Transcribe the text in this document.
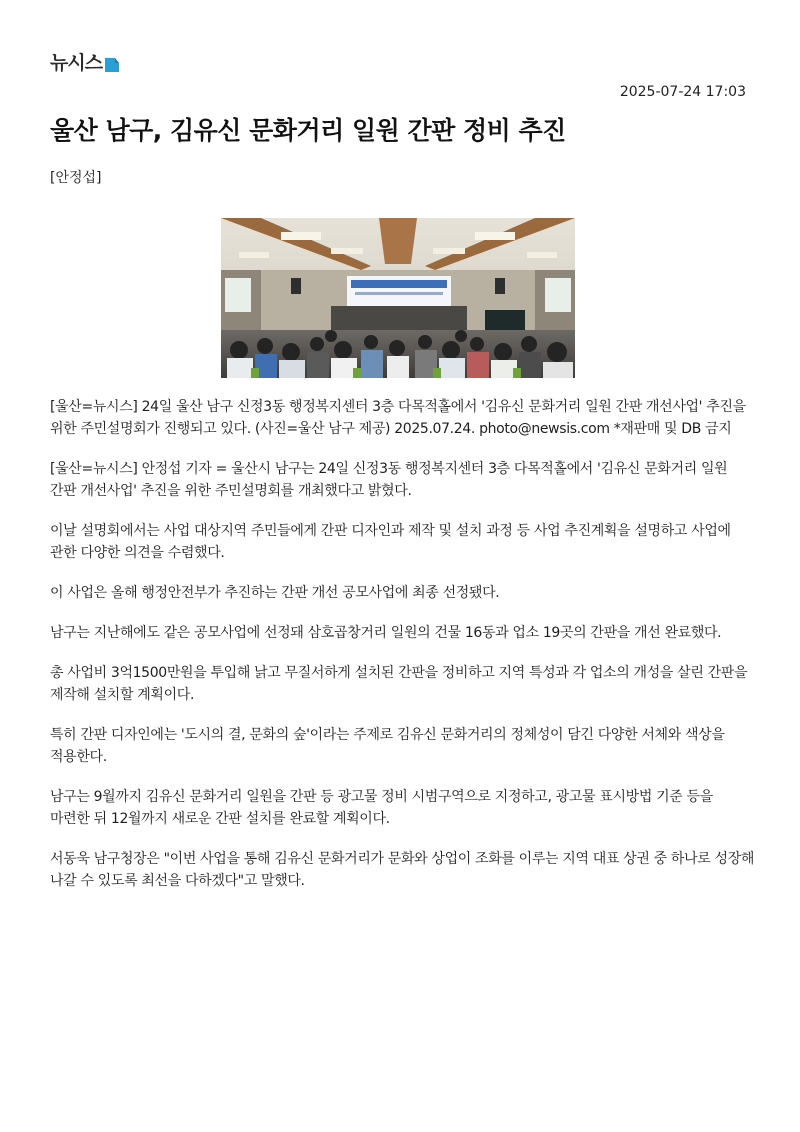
뉴시스
2025-07-24 17:03
울산 남구, 김유신 문화거리 일원 간판 정비 추진
[안정섭]

[울산=뉴시스] 24일 울산 남구 신정3동 행정복지센터 3층 다목적홀에서 '김유신 문화거리 일원 간판 개선사업' 추진을 위한 주민설명회가 진행되고 있다. (사진=울산 남구 제공) 2025.07.24. photo@newsis.com *재판매 및 DB 금지

[울산=뉴시스] 안정섭 기자 = 울산시 남구는 24일 신정3동 행정복지센터 3층 다목적홀에서 '김유신 문화거리 일원 간판 개선사업' 추진을 위한 주민설명회를 개최했다고 밝혔다.

이날 설명회에서는 사업 대상지역 주민들에게 간판 디자인과 제작 및 설치 과정 등 사업 추진계획을 설명하고 사업에 관한 다양한 의견을 수렴했다.

이 사업은 올해 행정안전부가 추진하는 간판 개선 공모사업에 최종 선정됐다.

남구는 지난해에도 같은 공모사업에 선정돼 삼호곱창거리 일원의 건물 16동과 업소 19곳의 간판을 개선 완료했다.

총 사업비 3억1500만원을 투입해 낡고 무질서하게 설치된 간판을 정비하고 지역 특성과 각 업소의 개성을 살린 간판을 제작해 설치할 계획이다.

특히 간판 디자인에는 '도시의 결, 문화의 숲'이라는 주제로 김유신 문화거리의 정체성이 담긴 다양한 서체와 색상을 적용한다.

남구는 9월까지 김유신 문화거리 일원을 간판 등 광고물 정비 시범구역으로 지정하고, 광고물 표시방법 기준 등을 마련한 뒤 12월까지 새로운 간판 설치를 완료할 계획이다.

서동욱 남구청장은 "이번 사업을 통해 김유신 문화거리가 문화와 상업이 조화를 이루는 지역 대표 상권 중 하나로 성장해 나갈 수 있도록 최선을 다하겠다"고 말했다.
